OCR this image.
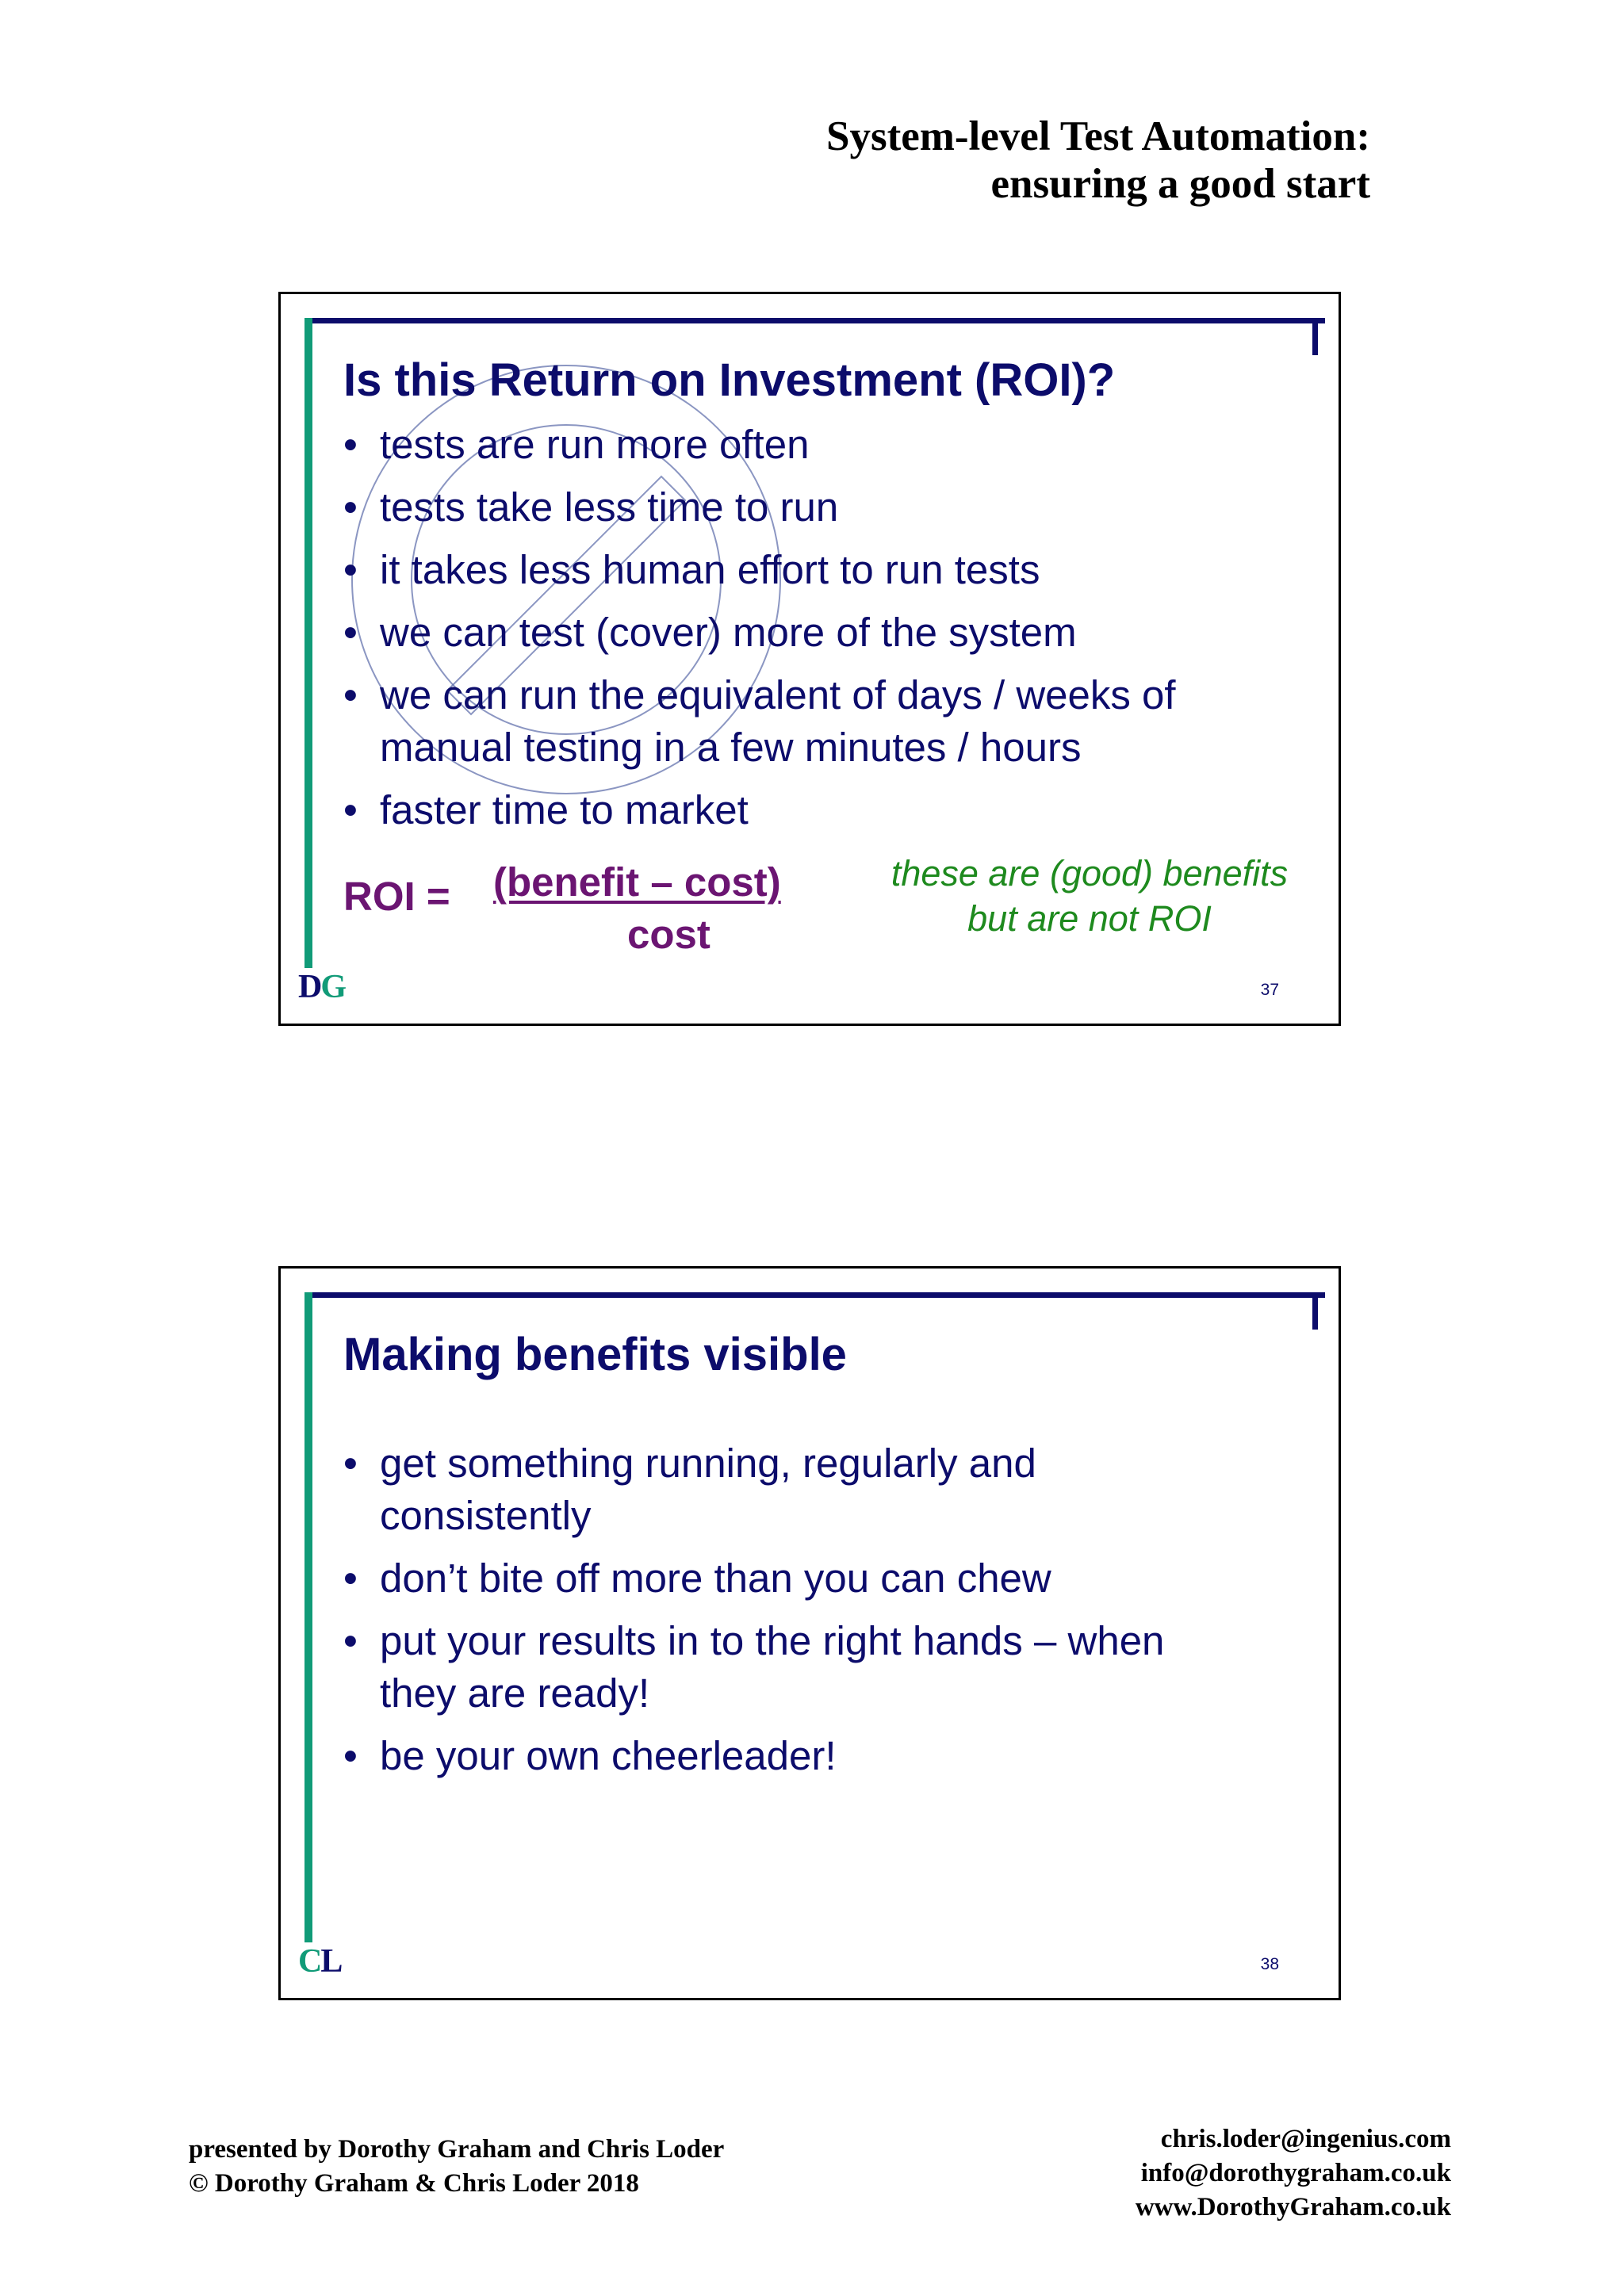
System-level Test Automation:
ensuring a good start
Is this Return on Investment (ROI)?
• tests are run more often
• tests take less time to run
• it takes less human effort to run tests
• we can test (cover) more of the system
• we can run the equivalent of days / weeks of
manual testing in a few minutes / hours
• faster time to market
ROI = (benefit – cost)
cost
these are (good) benefits
but are not ROI
DG	37
Making benefits visible
• get something running, regularly and
consistently
• don’t bite off more than you can chew
• put your results in to the right hands – when
they are ready!
• be your own cheerleader!
CL	38
presented by Dorothy Graham and Chris Loder
© Dorothy Graham & Chris Loder 2018
chris.loder@ingenius.com
info@dorothygraham.co.uk
www.DorothyGraham.co.uk
